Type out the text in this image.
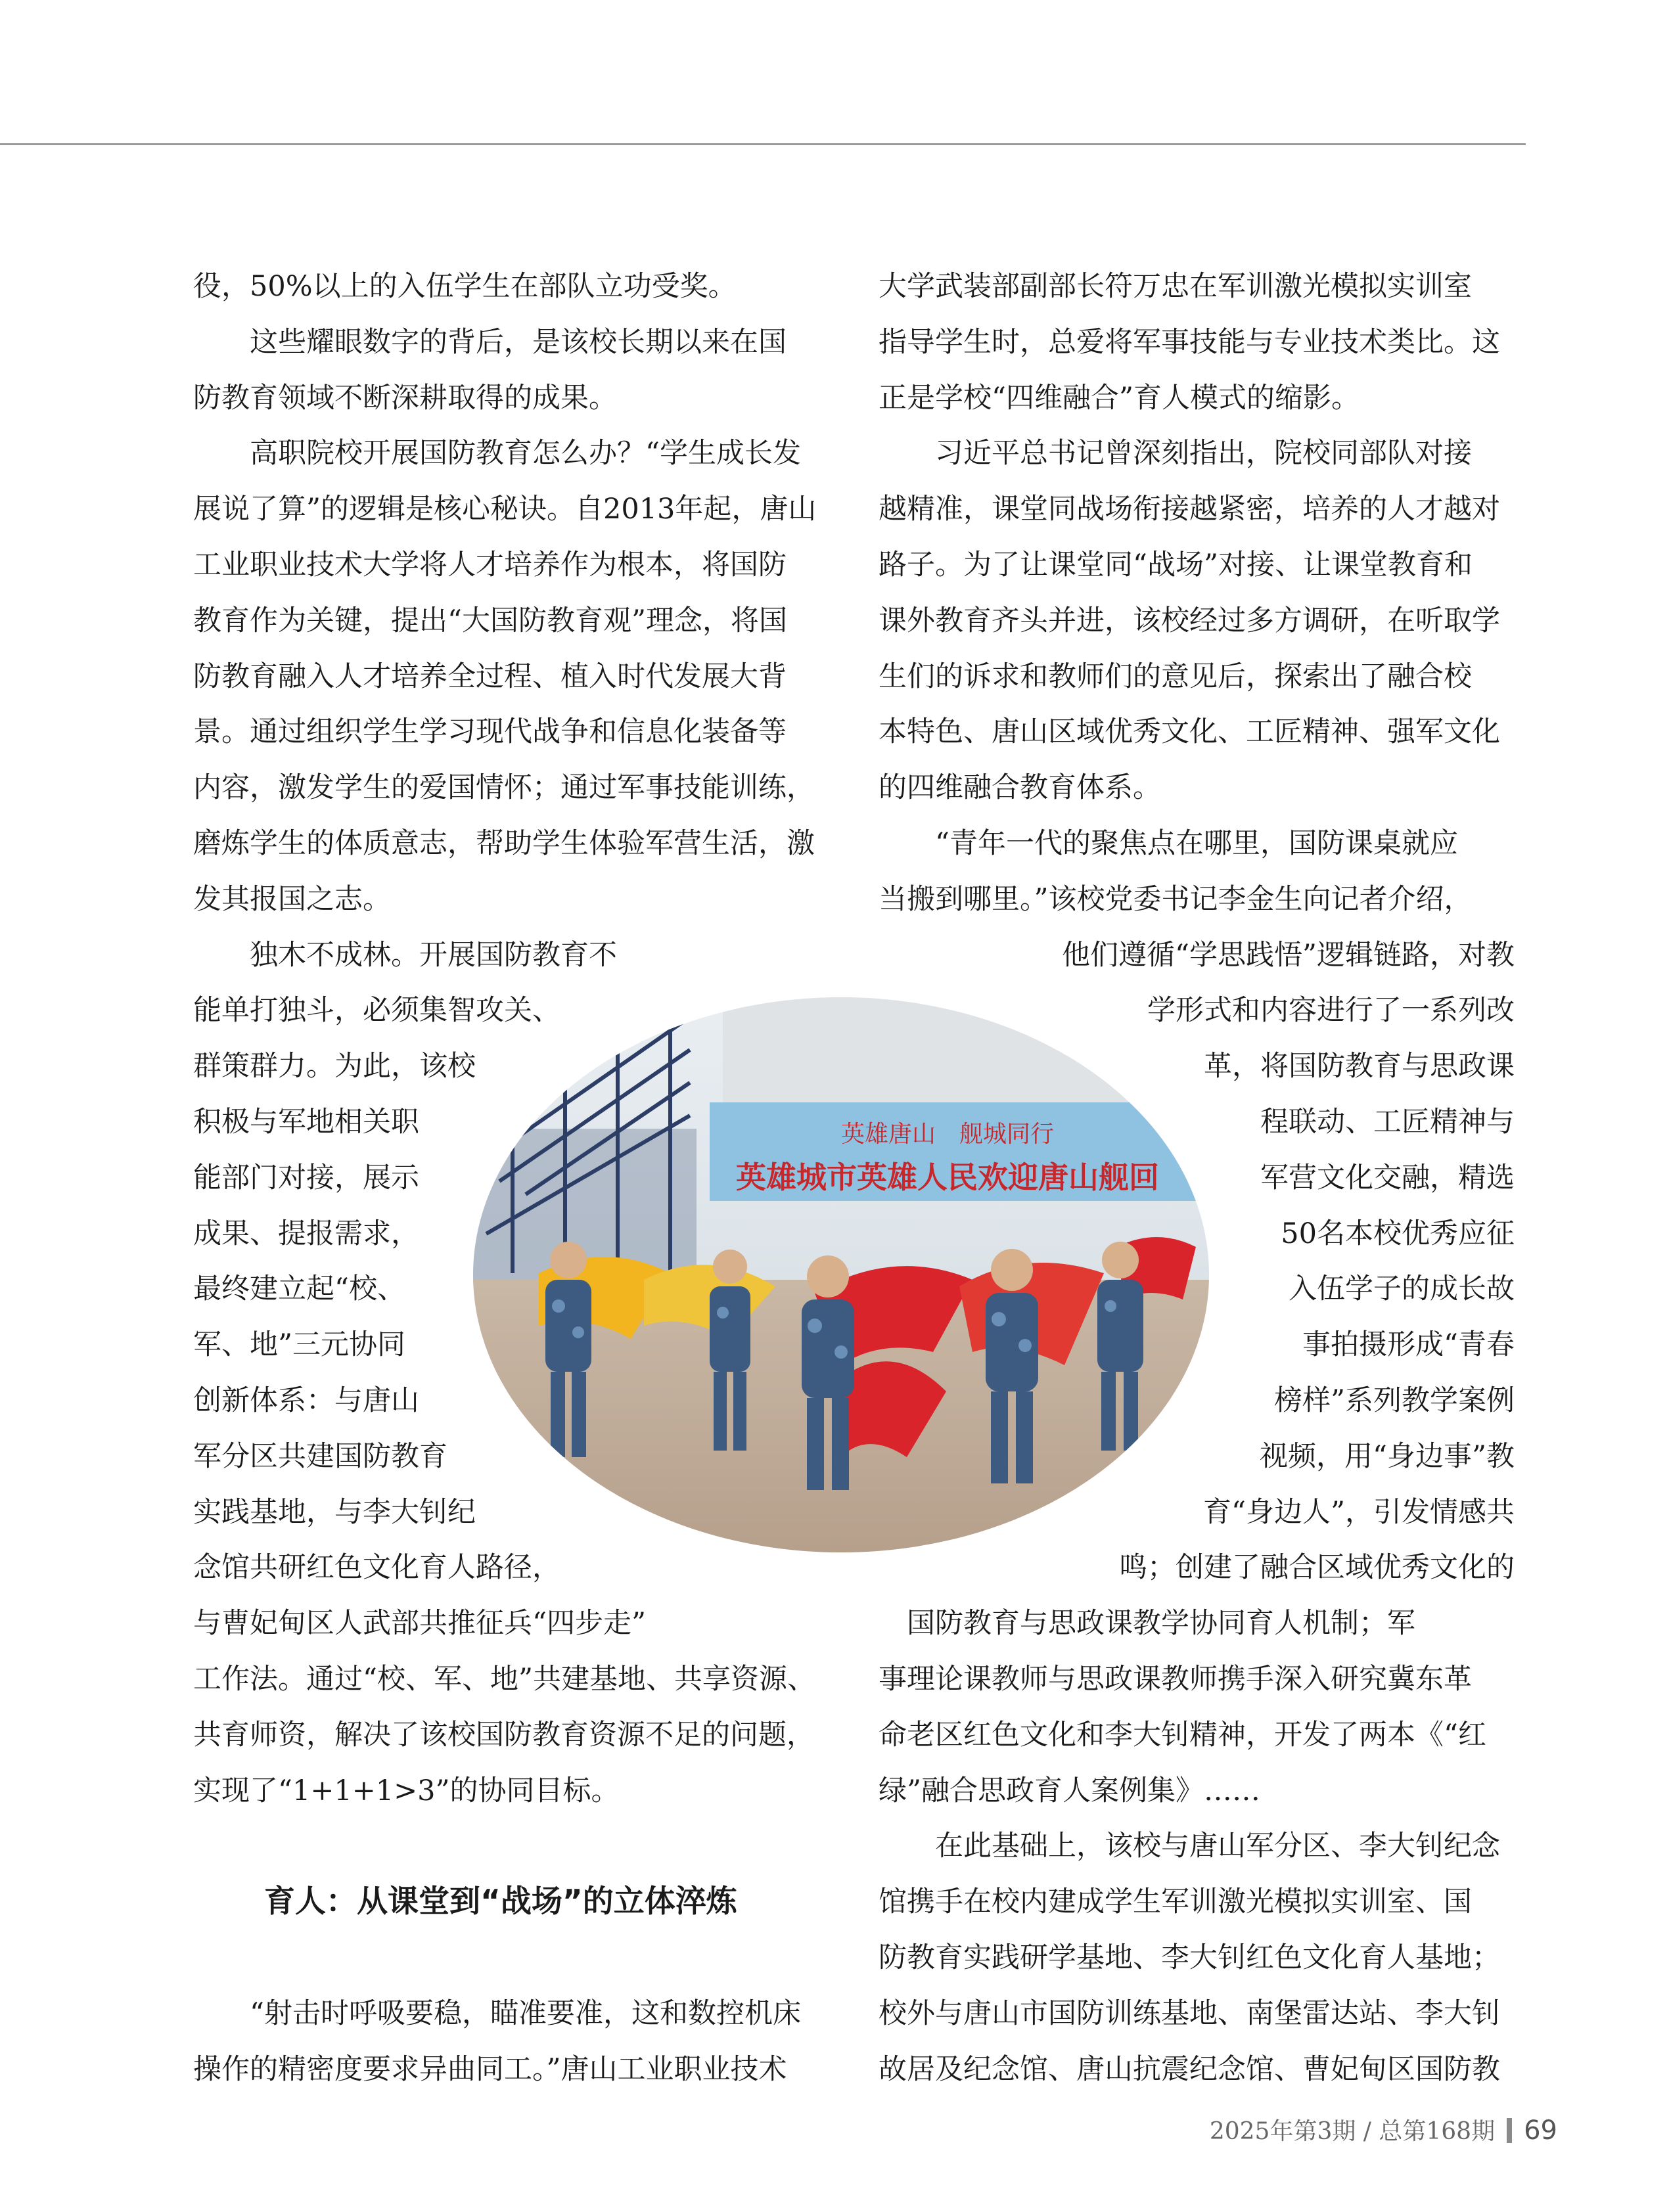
役，50%以上的入伍学生在部队立功受奖。

　　这些耀眼数字的背后，是该校长期以来在国

防教育领域不断深耕取得的成果。

　　高职院校开展国防教育怎么办？“学生成长发

展说了算”的逻辑是核心秘诀。自2013年起，唐山

工业职业技术大学将人才培养作为根本，将国防

教育作为关键，提出“大国防教育观”理念，将国

防教育融入人才培养全过程、植入时代发展大背

景。通过组织学生学习现代战争和信息化装备等

内容，激发学生的爱国情怀；通过军事技能训练，

磨炼学生的体质意志，帮助学生体验军营生活，激

发其报国之志。

　　独木不成林。开展国防教育不

能单打独斗，必须集智攻关、

群策群力。为此，该校

积极与军地相关职

能部门对接，展示

成果、提报需求，

最终建立起“校、

军、地”三元协同

创新体系：与唐山

军分区共建国防教育

实践基地，与李大钊纪

念馆共研红色文化育人路径，

与曹妃甸区人武部共推征兵“四步走”

工作法。通过“校、军、地”共建基地、共享资源、

共育师资，解决了该校国防教育资源不足的问题，

实现了“1+1+1>3”的协同目标。

育人：从课堂到“战场”的立体淬炼

　　“射击时呼吸要稳，瞄准要准，这和数控机床

操作的精密度要求异曲同工。”唐山工业职业技术

大学武装部副部长符万忠在军训激光模拟实训室

指导学生时，总爱将军事技能与专业技术类比。这

正是学校“四维融合”育人模式的缩影。

　　习近平总书记曾深刻指出，院校同部队对接

越精准，课堂同战场衔接越紧密，培养的人才越对

路子。为了让课堂同“战场”对接、让课堂教育和

课外教育齐头并进，该校经过多方调研，在听取学

生们的诉求和教师们的意见后，探索出了融合校

本特色、唐山区域优秀文化、工匠精神、强军文化

的四维融合教育体系。

　　“青年一代的聚焦点在哪里，国防课桌就应

当搬到哪里。”该校党委书记李金生向记者介绍，

他们遵循“学思践悟”逻辑链路，对教

学形式和内容进行了一系列改

革，将国防教育与思政课

程联动、工匠精神与

军营文化交融，精选

50名本校优秀应征

入伍学子的成长故

事拍摄形成“青春

榜样”系列教学案例

视频，用“身边事”教

育“身边人”，引发情感共

鸣；创建了融合区域优秀文化的

　国防教育与思政课教学协同育人机制；军

事理论课教师与思政课教师携手深入研究冀东革

命老区红色文化和李大钊精神，开发了两本《“红

绿”融合思政育人案例集》……

　　在此基础上，该校与唐山军分区、李大钊纪念

馆携手在校内建成学生军训激光模拟实训室、国

防教育实践研学基地、李大钊红色文化育人基地；

校外与唐山市国防训练基地、南堡雷达站、李大钊

故居及纪念馆、唐山抗震纪念馆、曹妃甸区国防教

英雄唐山　舰城同行
英雄城市英雄人民欢迎唐山舰回
2025年第3期 / 总第168期 69
